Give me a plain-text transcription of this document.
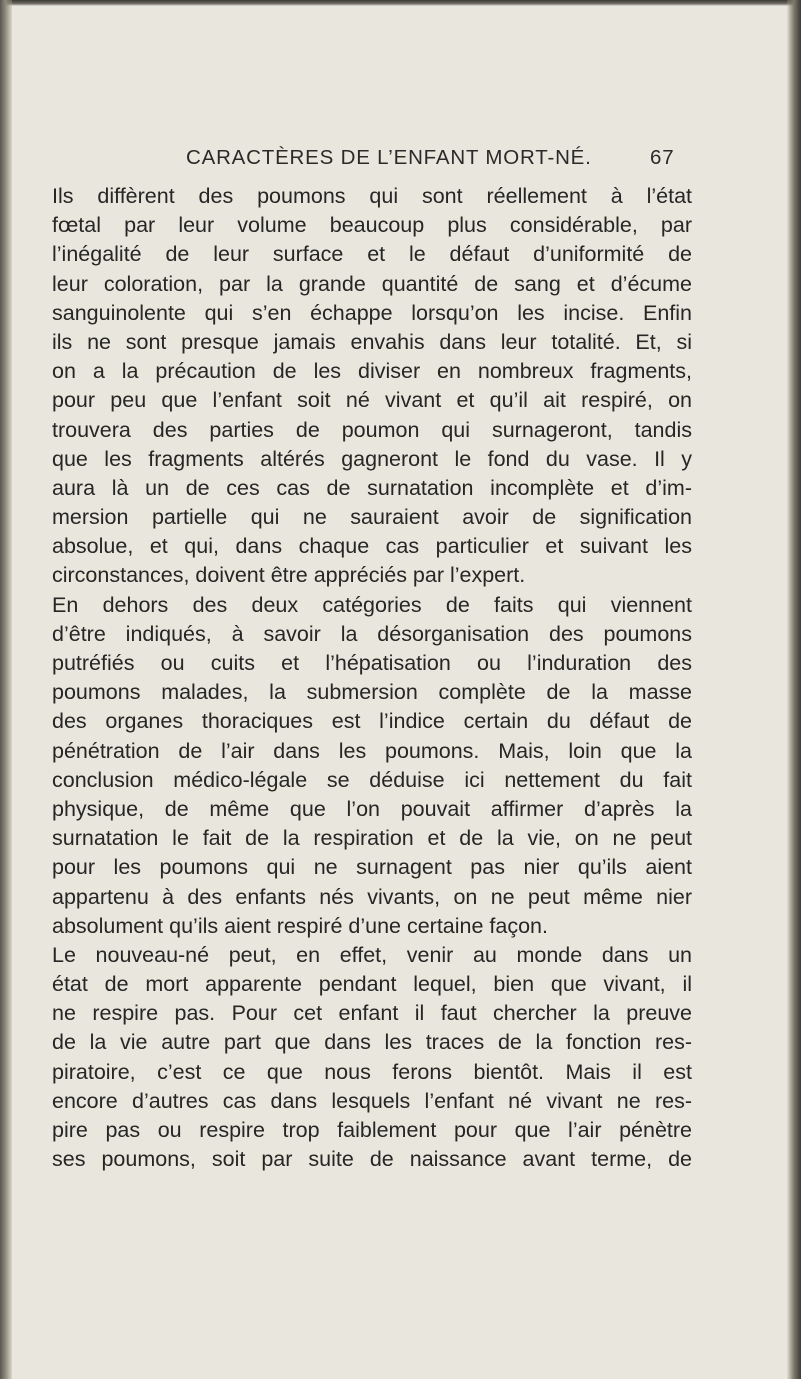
CARACTÈRES DE L’ENFANT MORT-NÉ.	67
Ils diffèrent des poumons qui sont réellement à l’état
fœtal par leur volume beaucoup plus considérable, par
l’inégalité de leur surface et le défaut d’uniformité de
leur coloration, par la grande quantité de sang et d’écume
sanguinolente qui s’en échappe lorsqu’on les incise. Enfin
ils ne sont presque jamais envahis dans leur totalité. Et, si
on a la précaution de les diviser en nombreux fragments,
pour peu que l’enfant soit né vivant et qu’il ait respiré, on
trouvera des parties de poumon qui surnageront, tandis
que les fragments altérés gagneront le fond du vase. Il y
aura là un de ces cas de surnatation incomplète et d’im-
mersion partielle qui ne sauraient avoir de signification
absolue, et qui, dans chaque cas particulier et suivant les
circonstances, doivent être appréciés par l’expert.
En dehors des deux catégories de faits qui viennent
d’être indiqués, à savoir la désorganisation des poumons
putréfiés ou cuits et l’hépatisation ou l’induration des
poumons malades, la submersion complète de la masse
des organes thoraciques est l’indice certain du défaut de
pénétration de l’air dans les poumons. Mais, loin que la
conclusion médico-légale se déduise ici nettement du fait
physique, de même que l’on pouvait affirmer d’après la
surnatation le fait de la respiration et de la vie, on ne peut
pour les poumons qui ne surnagent pas nier qu’ils aient
appartenu à des enfants nés vivants, on ne peut même nier
absolument qu’ils aient respiré d’une certaine façon.
Le nouveau-né peut, en effet, venir au monde dans un
état de mort apparente pendant lequel, bien que vivant, il
ne respire pas. Pour cet enfant il faut chercher la preuve
de la vie autre part que dans les traces de la fonction res-
piratoire, c’est ce que nous ferons bientôt. Mais il est
encore d’autres cas dans lesquels l’enfant né vivant ne res-
pire pas ou respire trop faiblement pour que l’air pénètre
ses poumons, soit par suite de naissance avant terme, de
